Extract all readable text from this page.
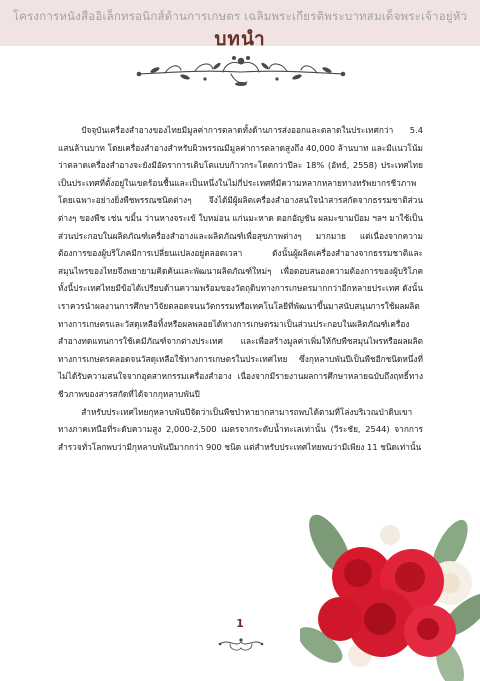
โครงการหนังสืออิเล็กทรอนิกส์ด้านการเกษตร เฉลิมพระเกียรติพระบาทสมเด็จพระเจ้าอยู่หัว
บทนำ

ปัจจุบันเครื่องสำอางของไทยมีมูลค่าการตลาดทั้งด้านการส่งออกและตลาดในประเทศกว่า 5.4 แสนล้านบาท โดยเครื่องสำอางสำหรับผิวพรรณมีมูลค่าการตลาดสูงถึง 40,000 ล้านบาท และมีแนวโน้มว่าตลาดเครื่องสำอางจะยังมีอัตราการเติบโตแบบก้าวกระโดดกว่าปีละ 18% (อัทธ์, 2558) ประเทศไทยเป็นประเทศที่ตั้งอยู่ในเขตร้อนชื้นและเป็นหนึ่งในไม่กี่ประเทศที่มีความหลากหลายทางทรัพยากรชีวภาพโดยเฉพาะอย่างยิ่งพืชพรรณชนิดต่างๆ จึงได้มีผู้ผลิตเครื่องสำอางสนใจนำสารสกัดจากธรรมชาติส่วนต่างๆ ของพืช เช่น ขมิ้น ว่านหางจระเข้ ใบหม่อน แก่นมะหาด ดอกอัญชัน ผลมะขามป้อม ฯลฯ มาใช้เป็นส่วนประกอบในผลิตภัณฑ์เครื่องสำอางและผลิตภัณฑ์เพื่อสุขภาพต่างๆ มากมาย แต่เนื่องจากความต้องการของผู้บริโภคมีการเปลี่ยนแปลงอยู่ตลอดเวลา ดังนั้นผู้ผลิตเครื่องสำอางจากธรรมชาติและสมุนไพรของไทยจึงพยายามคิดค้นและพัฒนาผลิตภัณฑ์ใหม่ๆ เพื่อตอบสนองความต้องการของผู้บริโภค ทั้งนี้ประเทศไทยมีข้อได้เปรียบด้านความพร้อมของวัตถุดิบทางการเกษตรมากกว่าอีกหลายประเทศ ดังนั้นเราควรนำผลงานการศึกษาวิจัยตลอดจนนวัตกรรมหรือเทคโนโลยีที่พัฒนาขึ้นมาสนับสนุนการใช้ผลผลิตทางการเกษตรและวัสดุเหลือทิ้งหรือผลพลอยได้ทางการเกษตรมาเป็นส่วนประกอบในผลิตภัณฑ์เครื่องสำอางทดแทนการใช้เคมีภัณฑ์จากต่างประเทศ และเพื่อสร้างมูลค่าเพิ่มให้กับพืชสมุนไพรหรือผลผลิตทางการเกษตรตลอดจนวัสดุเหลือใช้ทางการเกษตรในประเทศไทย ซึ่งกุหลาบพันปีเป็นพืชอีกชนิดหนึ่งที่ไม่ได้รับความสนใจจากอุตสาหกรรมเครื่องสำอาง เนื่องจากมีรายงานผลการศึกษาหลายฉบับถึงฤทธิ์ทางชีวภาพของสารสกัดที่ได้จากกุหลาบพันปี

สำหรับประเทศไทยกุหลาบพันปีจัดว่าเป็นพืชป่าหายากสามารถพบได้ตามที่โล่งบริเวณป่าดิบเขาทางภาคเหนือที่ระดับความสูง 2,000-2,500 เมตรจากระดับน้ำทะเลเท่านั้น (วีระชัย, 2544) จากการสำรวจทั่วโลกพบว่ามีกุหลาบพันปีมากกว่า 900 ชนิด แต่สำหรับประเทศไทยพบว่ามีเพียง 11 ชนิดเท่านั้น

1
